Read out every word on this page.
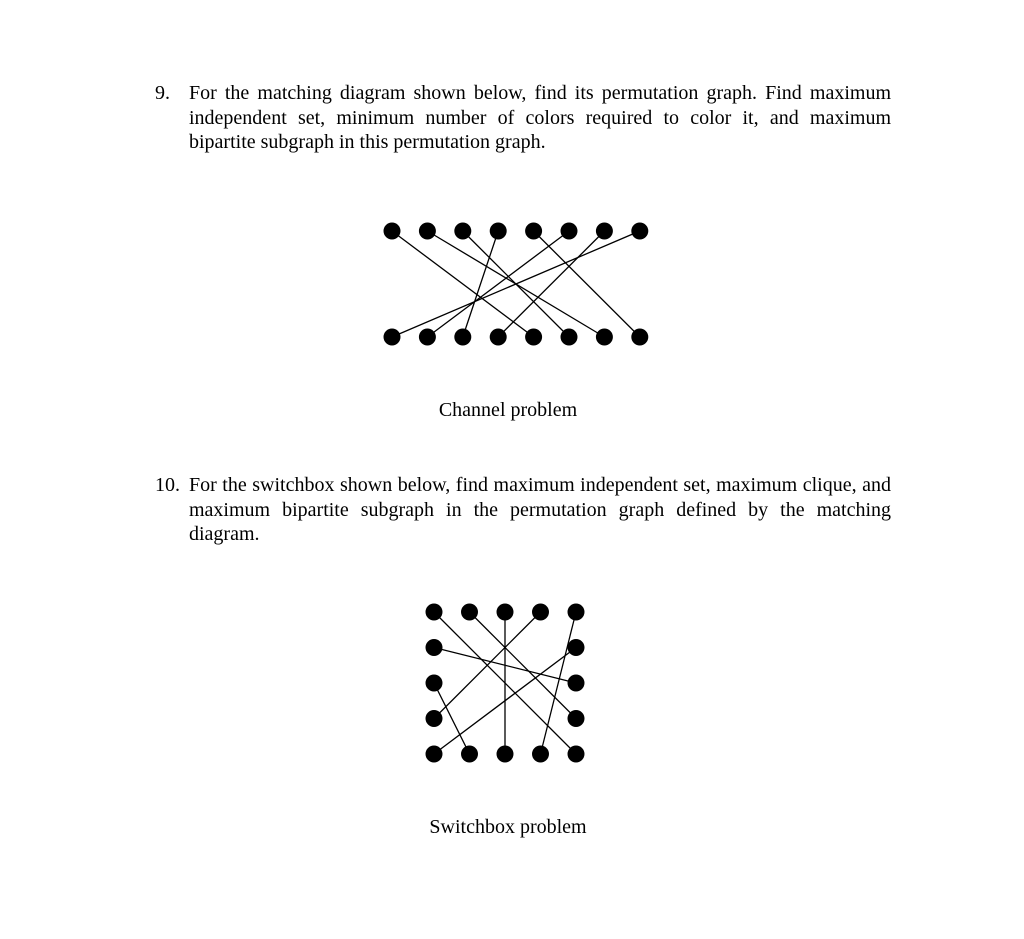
9. For the matching diagram shown below, find its permutation graph. Find maximum independent set, minimum number of colors required to color it, and maximum bipartite subgraph in this permutation graph.
Channel problem
10. For the switchbox shown below, find maximum independent set, maximum clique, and maximum bipartite subgraph in the permutation graph defined by the matching diagram.
Switchbox problem
